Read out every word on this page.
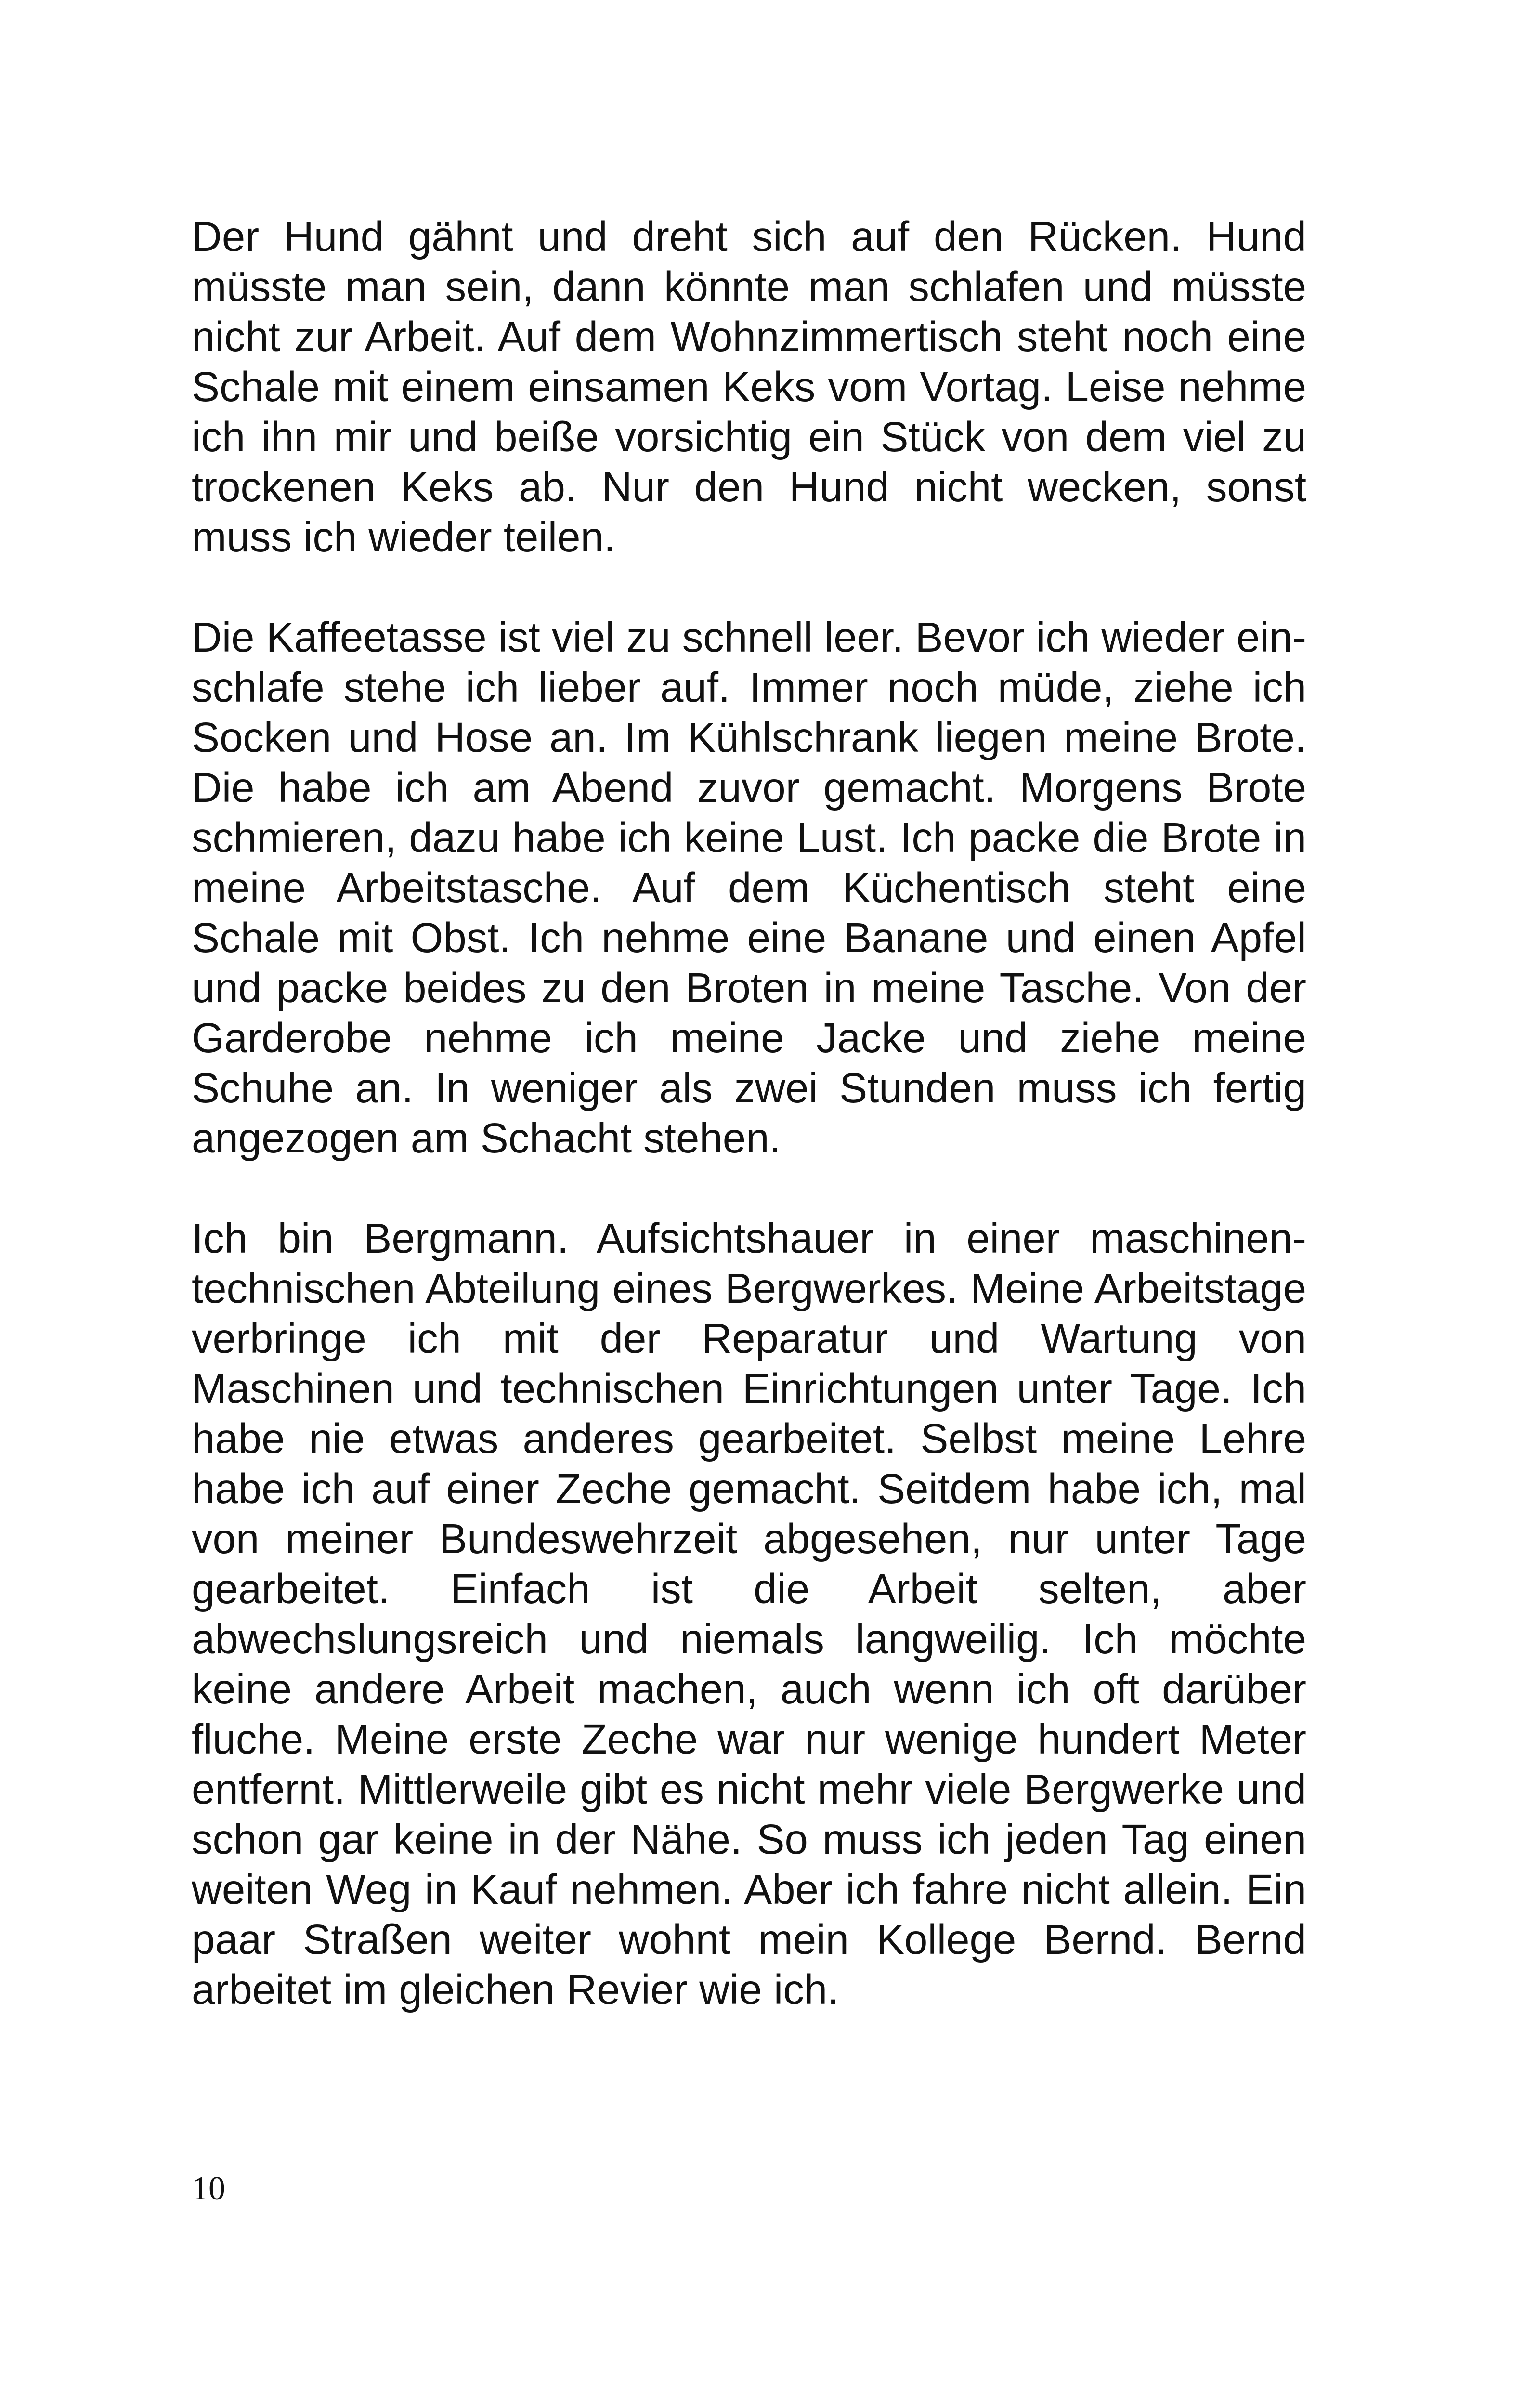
Der Hund gähnt und dreht sich auf den Rücken. Hund müsste man sein, dann könnte man schlafen und müsste nicht zur Arbeit. Auf dem Wohnzimmertisch steht noch eine Schale mit einem einsamen Keks vom Vortag. Leise nehme ich ihn mir und beiße vorsichtig ein Stück von dem viel zu trockenen Keks ab. Nur den Hund nicht wecken, sonst muss ich wieder teilen.

Die Kaffeetasse ist viel zu schnell leer. Bevor ich wieder ein-schlafe stehe ich lieber auf. Immer noch müde, ziehe ich Socken und Hose an. Im Kühlschrank liegen meine Brote. Die habe ich am Abend zuvor gemacht. Morgens Brote schmieren, dazu habe ich keine Lust. Ich packe die Brote in meine Arbeitstasche. Auf dem Küchentisch steht eine Schale mit Obst. Ich nehme eine Banane und einen Apfel und packe beides zu den Broten in meine Tasche. Von der Garderobe nehme ich meine Jacke und ziehe meine Schuhe an. In weniger als zwei Stunden muss ich fertig angezogen am Schacht stehen.

Ich bin Bergmann. Aufsichtshauer in einer maschinen-technischen Abteilung eines Bergwerkes. Meine Arbeitstage verbringe ich mit der Reparatur und Wartung von Maschinen und technischen Einrichtungen unter Tage. Ich habe nie etwas anderes gearbeitet. Selbst meine Lehre habe ich auf einer Zeche gemacht. Seitdem habe ich, mal von meiner Bundeswehrzeit abgesehen, nur unter Tage gearbeitet. Einfach ist die Arbeit selten, aber abwechslungsreich und niemals langweilig. Ich möchte keine andere Arbeit machen, auch wenn ich oft darüber fluche. Meine erste Zeche war nur wenige hundert Meter entfernt. Mittlerweile gibt es nicht mehr viele Bergwerke und schon gar keine in der Nähe. So muss ich jeden Tag einen weiten Weg in Kauf nehmen. Aber ich fahre nicht allein. Ein paar Straßen weiter wohnt mein Kollege Bernd. Bernd arbeitet im gleichen Revier wie ich.

10
